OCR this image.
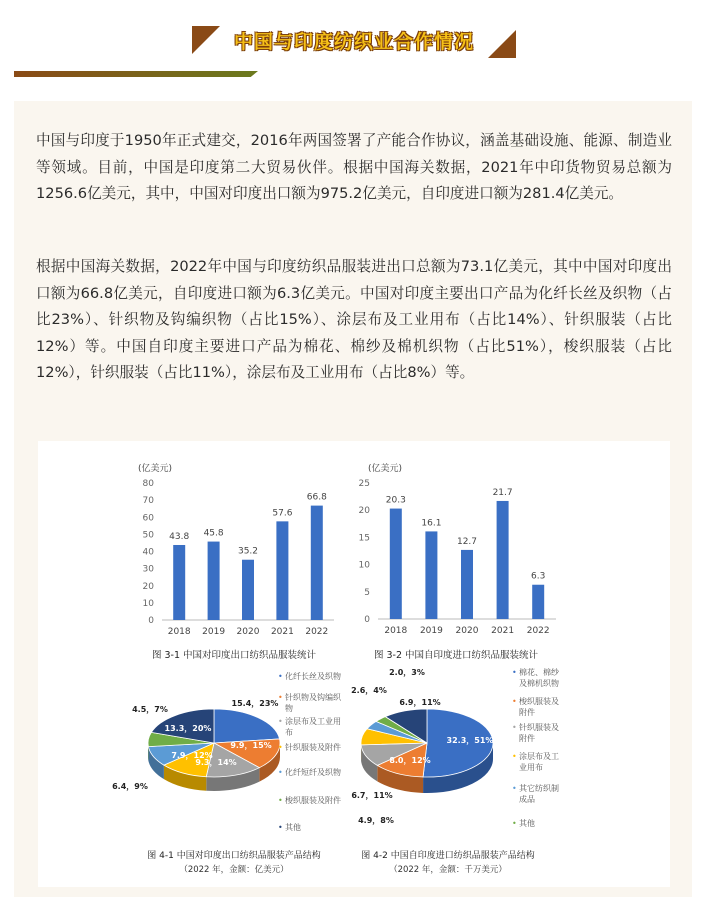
中国与印度纺织业合作情况

中国与印度于1950年正式建交，2016年两国签署了产能合作协议，涵盖基础设施、能源、制造业等领域。目前，中国是印度第二大贸易伙伴。根据中国海关数据，2021年中印货物贸易总额为1256.6亿美元，其中，中国对印度出口额为975.2亿美元，自印度进口额为281.4亿美元。

根据中国海关数据，2022年中国与印度纺织品服装进出口总额为73.1亿美元，其中中国对印度出口额为66.8亿美元，自印度进口额为6.3亿美元。中国对印度主要出口产品为化纤长丝及织物（占比23%）、针织物及钩编织物（占比15%）、涂层布及工业用布（占比14%）、针织服装（占比12%）等。中国自印度主要进口产品为棉花、棉纱及棉机织物（占比51%），梭织服装（占比12%），针织服装（占比11%），涂层布及工业用布（占比8%）等。

(亿美元)
0
10
20
30
40
50
60
70
80
43.8
2018
45.8
2019
35.2
2020
57.6
2021
66.8
2022
图 3-1 中国对印度出口纺织品服装统计
(亿美元)
0
5
10
15
20
25
20.3
2018
16.1
2019
12.7
2020
21.7
2021
6.3
2022
图 3-2 中国自印度进口纺织品服装统计
15.4，23%
9.9，15%
9.3，14%
7.9，12%
6.4，9%
4.5，7%
13.3，20%
• 化纤长丝及织物
• 针织物及钩编织
物
• 涂层布及工业用
布
• 针织服装及附件
• 化纤短纤及织物
• 梭织服装及附件
• 其他
图 4-1 中国对印度出口纺织品服装产品结构
（2022 年，金额：亿美元）
32.3，51%
8.0，12%
6.7，11%
4.9，8%
2.6，4%
2.0，3%
6.9，11%
• 棉花、棉纱
及棉机织物
• 梭织服装及
附件
• 针织服装及
附件
• 涂层布及工
业用布
• 其它纺织制
成品
• 其他
图 4-2 中国自印度进口纺织品服装产品结构
（2022 年，金额：千万美元）
